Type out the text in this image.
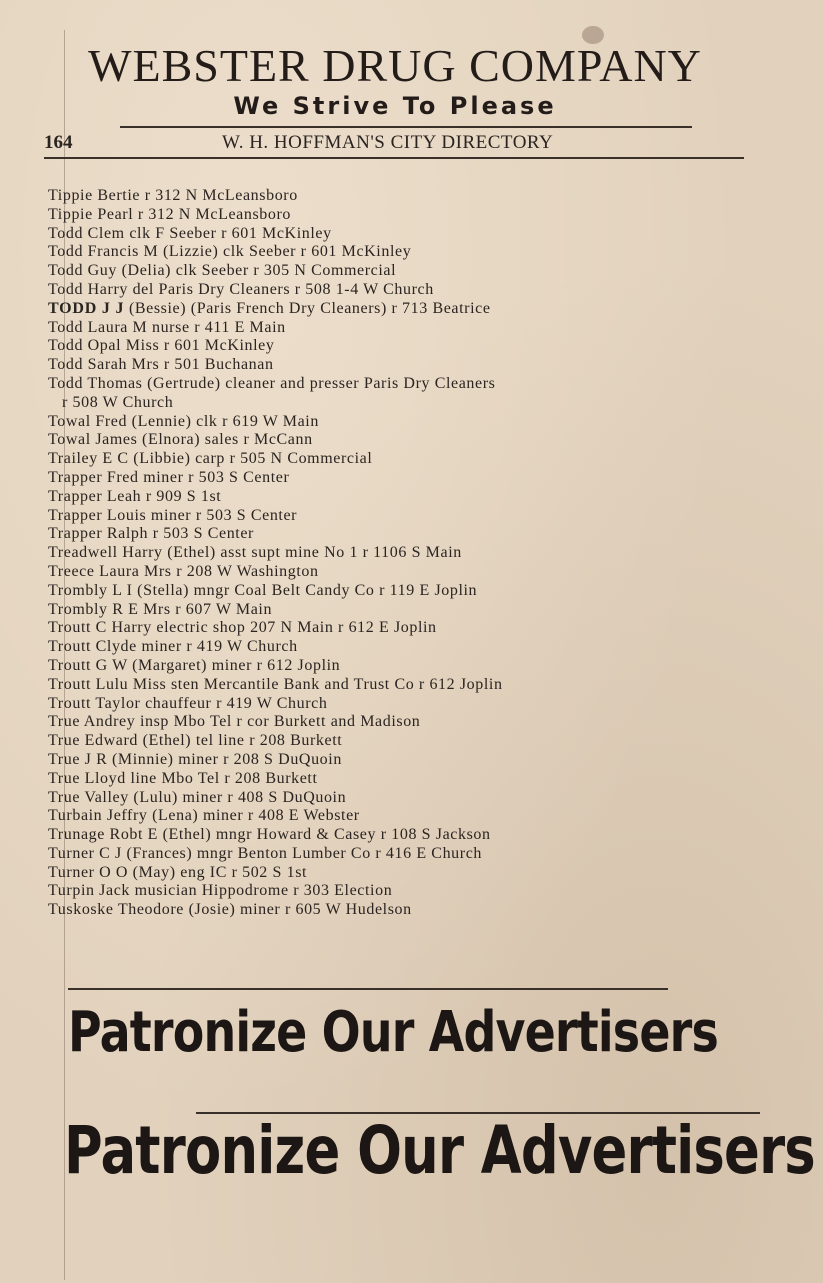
WEBSTER DRUG COMPANY
We Strive To Please
164	W. H. HOFFMAN'S CITY DIRECTORY
Tippie Bertie r 312 N McLeansboro
Tippie Pearl r 312 N McLeansboro
Todd Clem clk F Seeber r 601 McKinley
Todd Francis M (Lizzie) clk Seeber r 601 McKinley
Todd Guy (Delia) clk Seeber r 305 N Commercial
Todd Harry del Paris Dry Cleaners r 508 1-4 W Church
TODD J J (Bessie) (Paris French Dry Cleaners) r 713 Beatrice
Todd Laura M nurse r 411 E Main
Todd Opal Miss r 601 McKinley
Todd Sarah Mrs r 501 Buchanan
Todd Thomas (Gertrude) cleaner and presser Paris Dry Cleaners
r 508 W Church
Towal Fred (Lennie) clk r 619 W Main
Towal James (Elnora) sales r McCann
Trailey E C (Libbie) carp r 505 N Commercial
Trapper Fred miner r 503 S Center
Trapper Leah r 909 S 1st
Trapper Louis miner r 503 S Center
Trapper Ralph r 503 S Center
Treadwell Harry (Ethel) asst supt mine No 1 r 1106 S Main
Treece Laura Mrs r 208 W Washington
Trombly L I (Stella) mngr Coal Belt Candy Co r 119 E Joplin
Trombly R E Mrs r 607 W Main
Troutt C Harry electric shop 207 N Main r 612 E Joplin
Troutt Clyde miner r 419 W Church
Troutt G W (Margaret) miner r 612 Joplin
Troutt Lulu Miss sten Mercantile Bank and Trust Co r 612 Joplin
Troutt Taylor chauffeur r 419 W Church
True Andrey insp Mbo Tel r cor Burkett and Madison
True Edward (Ethel) tel line r 208 Burkett
True J R (Minnie) miner r 208 S DuQuoin
True Lloyd line Mbo Tel r 208 Burkett
True Valley (Lulu) miner r 408 S DuQuoin
Turbain Jeffry (Lena) miner r 408 E Webster
Trunage Robt E (Ethel) mngr Howard & Casey r 108 S Jackson
Turner C J (Frances) mngr Benton Lumber Co r 416 E Church
Turner O O (May) eng IC r 502 S 1st
Turpin Jack musician Hippodrome r 303 Election
Tuskoske Theodore (Josie) miner r 605 W Hudelson
Patronize Our Advertisers
Patronize Our Advertisers
